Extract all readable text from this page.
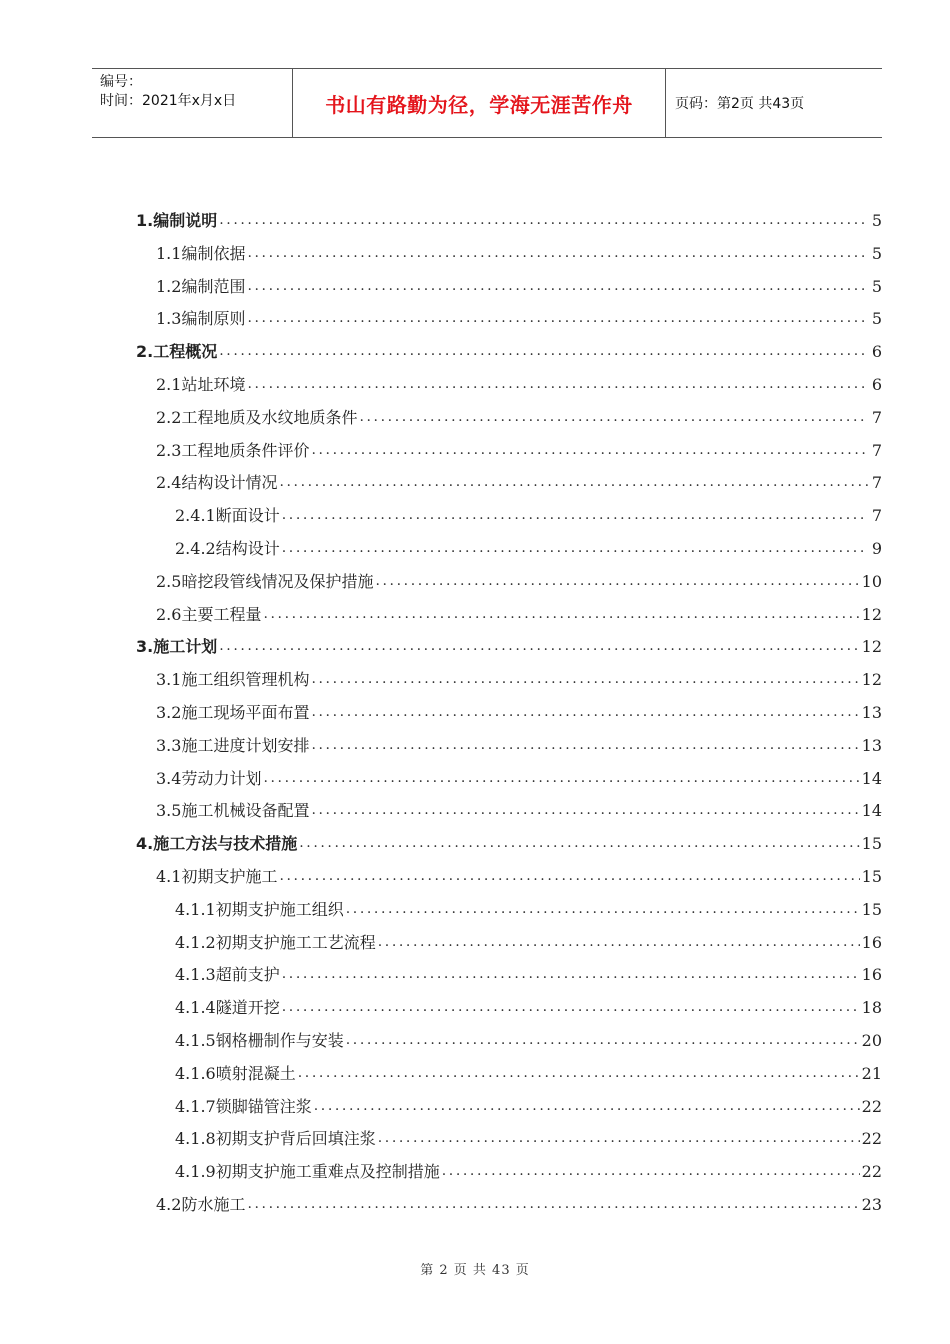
编号：
时间：2021年x月x日	书山有路勤为径，学海无涯苦作舟	页码：第2页 共43页
1.编制说明 .....	5
1.1编制依据 .....	5
1.2编制范围 .....	5
1.3编制原则 .....	5
2.工程概况 .....	6
2.1站址环境 .....	6
2.2工程地质及水纹地质条件 .....	7
2.3工程地质条件评价 .....	7
2.4结构设计情况 .....	7
2.4.1断面设计 .....	7
2.4.2结构设计 .....	9
2.5暗挖段管线情况及保护措施 .....	10
2.6主要工程量 .....	12
3.施工计划 .....	12
3.1施工组织管理机构 .....	12
3.2施工现场平面布置 .....	13
3.3施工进度计划安排 .....	13
3.4劳动力计划 .....	14
3.5施工机械设备配置 .....	14
4.施工方法与技术措施 .....	15
4.1初期支护施工 .....	15
4.1.1初期支护施工组织 .....	15
4.1.2初期支护施工工艺流程 .....	16
4.1.3超前支护 .....	16
4.1.4隧道开挖 .....	18
4.1.5钢格栅制作与安装 .....	20
4.1.6喷射混凝土 .....	21
4.1.7锁脚锚管注浆 .....	22
4.1.8初期支护背后回填注浆 .....	22
4.1.9初期支护施工重难点及控制措施 .....	22
4.2防水施工 .....	23
第 2 页 共 43 页
